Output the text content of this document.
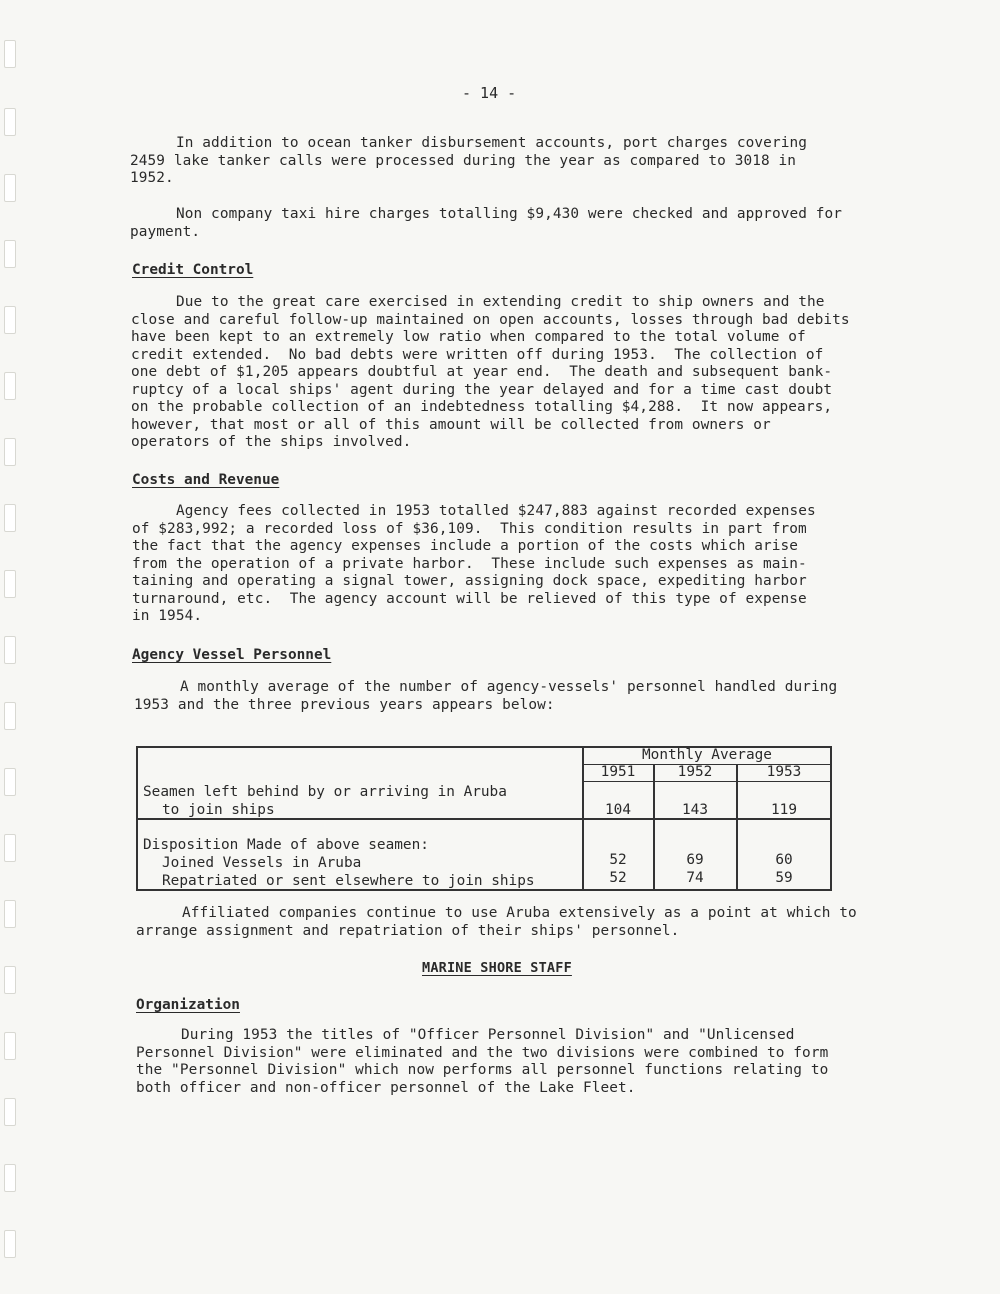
- 14 -

In addition to ocean tanker disbursement accounts, port charges covering
2459 lake tanker calls were processed during the year as compared to 3018 in
1952.

Non company taxi hire charges totalling $9,430 were checked and approved for
payment.

Credit Control

Due to the great care exercised in extending credit to ship owners and the
close and careful follow-up maintained on open accounts, losses through bad debits
have been kept to an extremely low ratio when compared to the total volume of
credit extended.  No bad debts were written off during 1953.  The collection of
one debt of $1,205 appears doubtful at year end.  The death and subsequent bank-
ruptcy of a local ships' agent during the year delayed and for a time cast doubt
on the probable collection of an indebtedness totalling $4,288.  It now appears,
however, that most or all of this amount will be collected from owners or
operators of the ships involved.

Costs and Revenue

Agency fees collected in 1953 totalled $247,883 against recorded expenses
of $283,992; a recorded loss of $36,109.  This condition results in part from
the fact that the agency expenses include a portion of the costs which arise
from the operation of a private harbor.  These include such expenses as main-
taining and operating a signal tower, assigning dock space, expediting harbor
turnaround, etc.  The agency account will be relieved of this type of expense
in 1954.

Agency Vessel Personnel

A monthly average of the number of agency-vessels' personnel handled during
1953 and the three previous years appears below:

Monthly Average
1951	1952	1953
Seamen left behind by or arriving in Aruba
to join ships	104	143	119
Disposition Made of above seamen:
Joined Vessels in Aruba	52	69	60
Repatriated or sent elsewhere to join ships	52	74	59

Affiliated companies continue to use Aruba extensively as a point at which to
arrange assignment and repatriation of their ships' personnel.

MARINE SHORE STAFF
Organization

During 1953 the titles of "Officer Personnel Division" and "Unlicensed
Personnel Division" were eliminated and the two divisions were combined to form
the "Personnel Division" which now performs all personnel functions relating to
both officer and non-officer personnel of the Lake Fleet.
